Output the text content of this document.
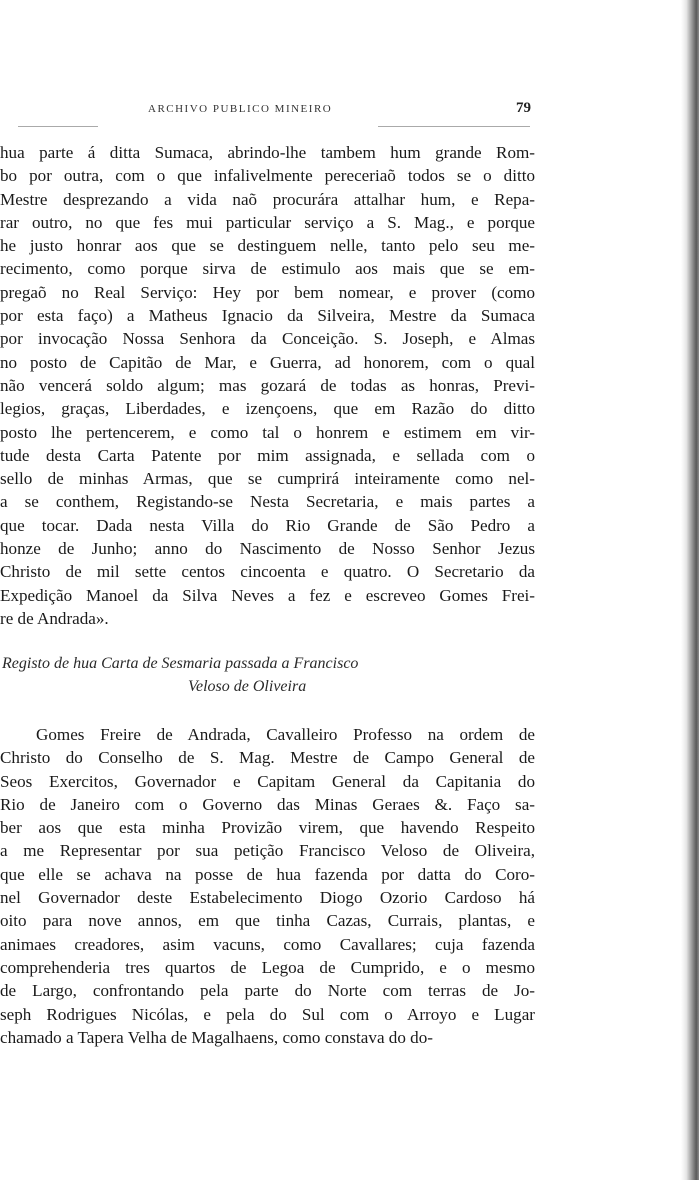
ARCHIVO PUBLICO MINEIRO	79
hua parte á ditta Sumaca, abrindo-lhe tambem hum grande Rom-
bo por outra, com o que infalivelmente pereceriaõ todos se o ditto
Mestre desprezando a vida naõ procurára attalhar hum, e Repa-
rar outro, no que fes mui particular serviço a S. Mag., e porque
he justo honrar aos que se destinguem nelle, tanto pelo seu me-
recimento, como porque sirva de estimulo aos mais que se em-
pregaõ no Real Serviço: Hey por bem nomear, e prover (como
por esta faço) a Matheus Ignacio da Silveira, Mestre da Sumaca
por invocação Nossa Senhora da Conceição. S. Joseph, e Almas
no posto de Capitão de Mar, e Guerra, ad honorem, com o qual
não vencerá soldo algum; mas gozará de todas as honras, Previ-
legios, graças, Liberdades, e izençoens, que em Razão do ditto
posto lhe pertencerem, e como tal o honrem e estimem em vir-
tude desta Carta Patente por mim assignada, e sellada com o
sello de minhas Armas, que se cumprirá inteiramente como nel-
a se conthem, Registando-se Nesta Secretaria, e mais partes a
que tocar. Dada nesta Villa do Rio Grande de São Pedro a
honze de Junho; anno do Nascimento de Nosso Senhor Jezus
Christo de mil sette centos cincoenta e quatro. O Secretario da
Expedição Manoel da Silva Neves a fez e escreveo Gomes Frei-
re de Andrada».
Registo de hua Carta de Sesmaria passada a Francisco
Veloso de Oliveira
Gomes Freire de Andrada, Cavalleiro Professo na ordem de
Christo do Conselho de S. Mag. Mestre de Campo General de
Seos Exercitos, Governador e Capitam General da Capitania do
Rio de Janeiro com o Governo das Minas Geraes &. Faço sa-
ber aos que esta minha Provizão virem, que havendo Respeito
a me Representar por sua petição Francisco Veloso de Oliveira,
que elle se achava na posse de hua fazenda por datta do Coro-
nel Governador deste Estabelecimento Diogo Ozorio Cardoso há
oito para nove annos, em que tinha Cazas, Currais, plantas, e
animaes creadores, asim vacuns, como Cavallares; cuja fazenda
comprehenderia tres quartos de Legoa de Cumprido, e o mesmo
de Largo, confrontando pela parte do Norte com terras de Jo-
seph Rodrigues Nicólas, e pela do Sul com o Arroyo e Lugar
chamado a Tapera Velha de Magalhaens, como constava do do-
